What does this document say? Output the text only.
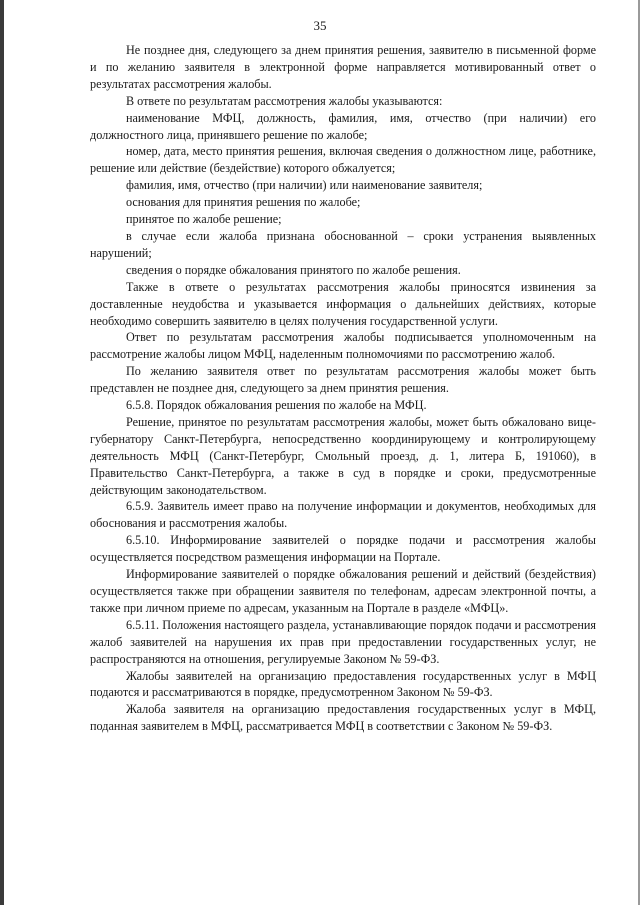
35

Не позднее дня, следующего за днем принятия решения, заявителю в письменной форме и по желанию заявителя в электронной форме направляется мотивированный ответ о результатах рассмотрения жалобы.

В ответе по результатам рассмотрения жалобы указываются:

наименование МФЦ, должность, фамилия, имя, отчество (при наличии) его должностного лица, принявшего решение по жалобе;

номер, дата, место принятия решения, включая сведения о должностном лице, работнике, решение или действие (бездействие) которого обжалуется;

фамилия, имя, отчество (при наличии) или наименование заявителя;

основания для принятия решения по жалобе;

принятое по жалобе решение;

в случае если жалоба признана обоснованной – сроки устранения выявленных нарушений;

сведения о порядке обжалования принятого по жалобе решения.

Также в ответе о результатах рассмотрения жалобы приносятся извинения за доставленные неудобства и указывается информация о дальнейших действиях, которые необходимо совершить заявителю в целях получения государственной услуги.

Ответ по результатам рассмотрения жалобы подписывается уполномоченным на рассмотрение жалобы лицом МФЦ, наделенным полномочиями по рассмотрению жалоб.

По желанию заявителя ответ по результатам рассмотрения жалобы может быть представлен не позднее дня, следующего за днем принятия решения.

6.5.8. Порядок обжалования решения по жалобе на МФЦ.

Решение, принятое по результатам рассмотрения жалобы, может быть обжаловано вице-губернатору Санкт-Петербурга, непосредственно координирующему и контролирующему деятельность МФЦ (Санкт-Петербург, Смольный проезд, д. 1, литера Б, 191060), в Правительство Санкт-Петербурга, а также в суд в порядке и сроки, предусмотренные действующим законодательством.

6.5.9. Заявитель имеет право на получение информации и документов, необходимых для обоснования и рассмотрения жалобы.

6.5.10. Информирование заявителей о порядке подачи и рассмотрения жалобы осуществляется посредством размещения информации на Портале.

Информирование заявителей о порядке обжалования решений и действий (бездействия) осуществляется также при обращении заявителя по телефонам, адресам электронной почты, а также при личном приеме по адресам, указанным на Портале в разделе «МФЦ».

6.5.11. Положения настоящего раздела, устанавливающие порядок подачи и рассмотрения жалоб заявителей на нарушения их прав при предоставлении государственных услуг, не распространяются на отношения, регулируемые Законом № 59-ФЗ.

Жалобы заявителей на организацию предоставления государственных услуг в МФЦ подаются и рассматриваются в порядке, предусмотренном Законом № 59-ФЗ.

Жалоба заявителя на организацию предоставления государственных услуг в МФЦ, поданная заявителем в МФЦ, рассматривается МФЦ в соответствии с Законом № 59-ФЗ.
